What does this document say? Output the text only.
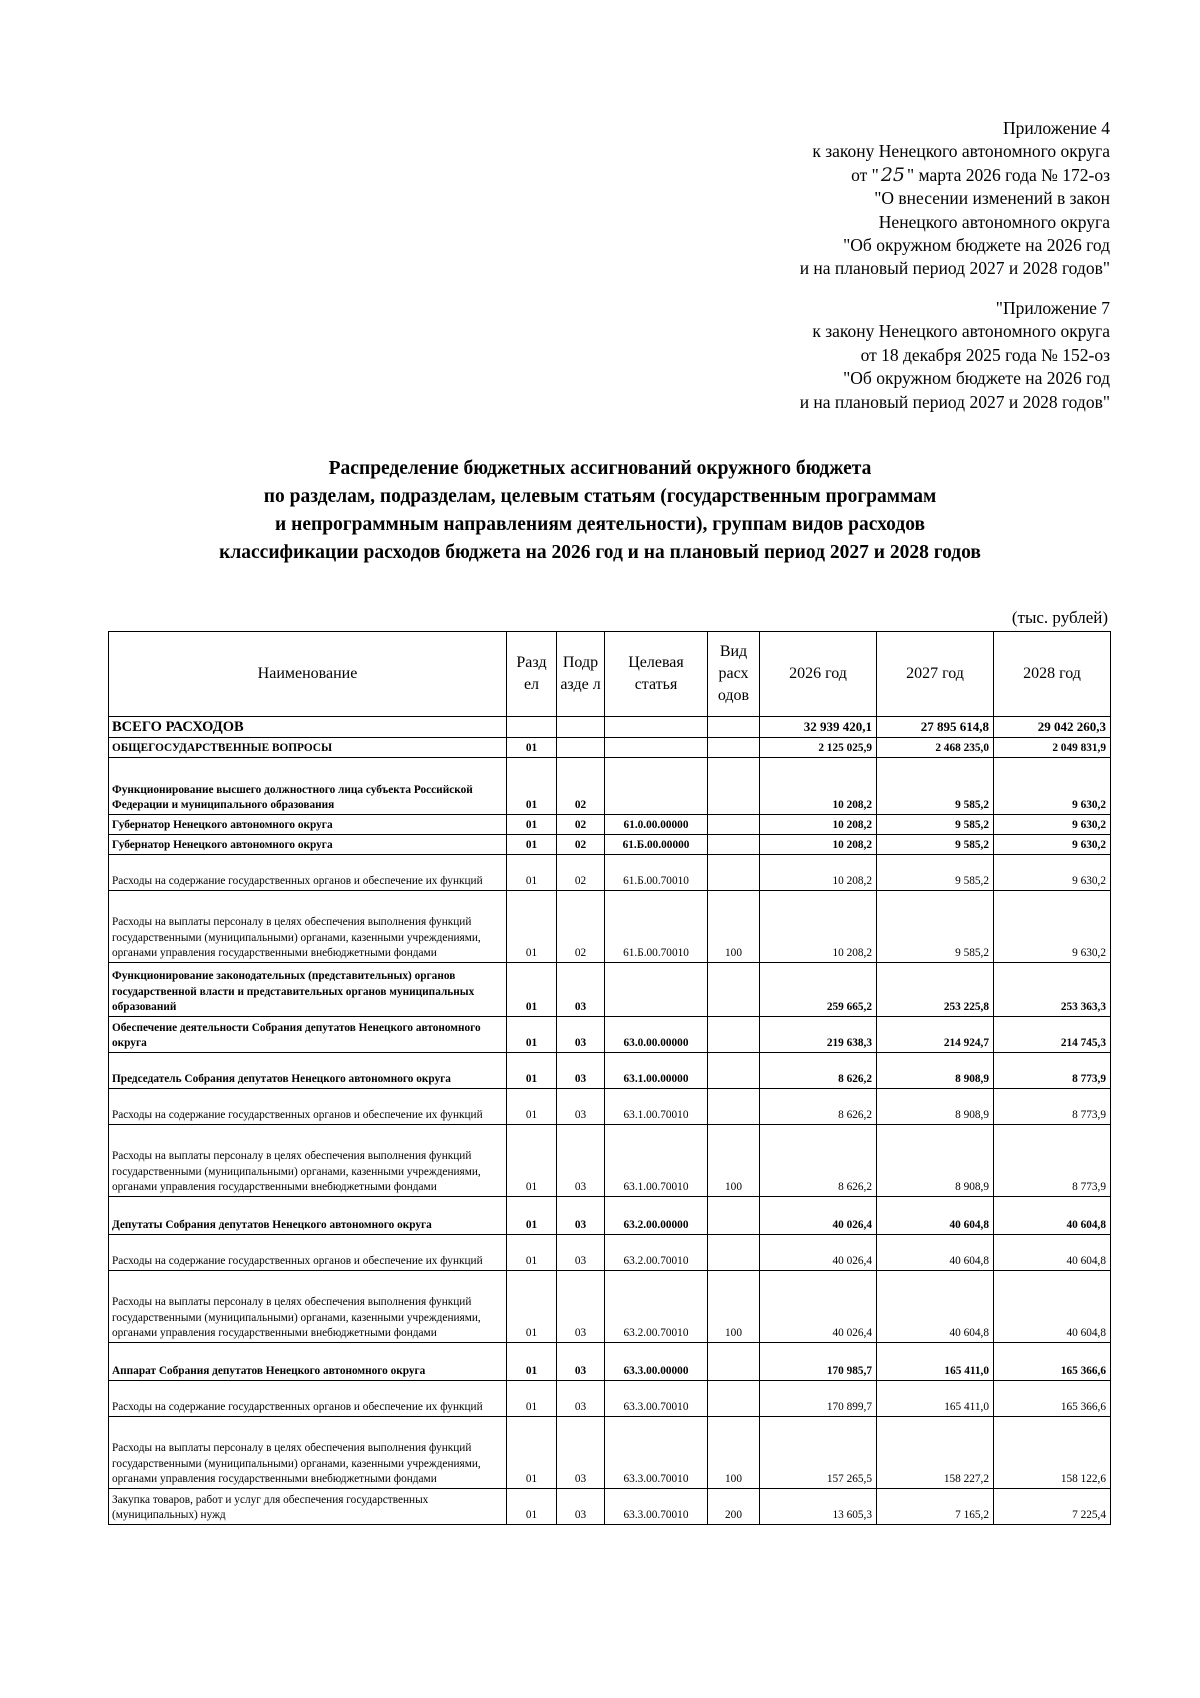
Приложение 4
к закону Ненецкого автономного округа
от " 25 " марта 2026 года № 172-оз
"О внесении изменений в закон
Ненецкого автономного округа
"Об окружном бюджете на 2026 год
и на плановый период 2027 и 2028 годов"
"Приложение 7
к закону Ненецкого автономного округа
от 18 декабря 2025 года № 152-оз
"Об окружном бюджете на 2026 год
и на плановый период 2027 и 2028 годов"
Распределение бюджетных ассигнований окружного бюджета
по разделам, подразделам, целевым статьям (государственным программам
и непрограммным направлениям деятельности), группам видов расходов
классификации расходов бюджета на 2026 год и на плановый период 2027 и 2028 годов
(тыс. рублей)
Наименование	Разд ел	Подр азде л	Целевая статья	Вид расх одов	2026 год	2027 год	2028 год
ВСЕГО РАСХОДОВ					32 939 420,1	27 895 614,8	29 042 260,3
ОБЩЕГОСУДАРСТВЕННЫЕ ВОПРОСЫ	01				2 125 025,9	2 468 235,0	2 049 831,9
Функционирование высшего должностного лица субъекта Российской Федерации и муниципального образования	01	02			10 208,2	9 585,2	9 630,2
Губернатор Ненецкого автономного округа	01	02	61.0.00.00000		10 208,2	9 585,2	9 630,2
Губернатор Ненецкого автономного округа	01	02	61.Б.00.00000		10 208,2	9 585,2	9 630,2
Расходы на содержание государственных органов и обеспечение их функций	01	02	61.Б.00.70010		10 208,2	9 585,2	9 630,2
Расходы на выплаты персоналу в целях обеспечения выполнения функций государственными (муниципальными) органами, казенными учреждениями, органами управления государственными внебюджетными фондами	01	02	61.Б.00.70010	100	10 208,2	9 585,2	9 630,2
Функционирование законодательных (представительных) органов государственной власти и представительных органов муниципальных образований	01	03			259 665,2	253 225,8	253 363,3
Обеспечение деятельности Собрания депутатов Ненецкого автономного округа	01	03	63.0.00.00000		219 638,3	214 924,7	214 745,3
Председатель Собрания депутатов Ненецкого автономного округа	01	03	63.1.00.00000		8 626,2	8 908,9	8 773,9
Расходы на содержание государственных органов и обеспечение их функций	01	03	63.1.00.70010		8 626,2	8 908,9	8 773,9
Расходы на выплаты персоналу в целях обеспечения выполнения функций государственными (муниципальными) органами, казенными учреждениями, органами управления государственными внебюджетными фондами	01	03	63.1.00.70010	100	8 626,2	8 908,9	8 773,9
Депутаты Собрания депутатов Ненецкого автономного округа	01	03	63.2.00.00000		40 026,4	40 604,8	40 604,8
Расходы на содержание государственных органов и обеспечение их функций	01	03	63.2.00.70010		40 026,4	40 604,8	40 604,8
Расходы на выплаты персоналу в целях обеспечения выполнения функций государственными (муниципальными) органами, казенными учреждениями, органами управления государственными внебюджетными фондами	01	03	63.2.00.70010	100	40 026,4	40 604,8	40 604,8
Аппарат Собрания депутатов Ненецкого автономного округа	01	03	63.3.00.00000		170 985,7	165 411,0	165 366,6
Расходы на содержание государственных органов и обеспечение их функций	01	03	63.3.00.70010		170 899,7	165 411,0	165 366,6
Расходы на выплаты персоналу в целях обеспечения выполнения функций государственными (муниципальными) органами, казенными учреждениями, органами управления государственными внебюджетными фондами	01	03	63.3.00.70010	100	157 265,5	158 227,2	158 122,6
Закупка товаров, работ и услуг для обеспечения государственных (муниципальных) нужд	01	03	63.3.00.70010	200	13 605,3	7 165,2	7 225,4
